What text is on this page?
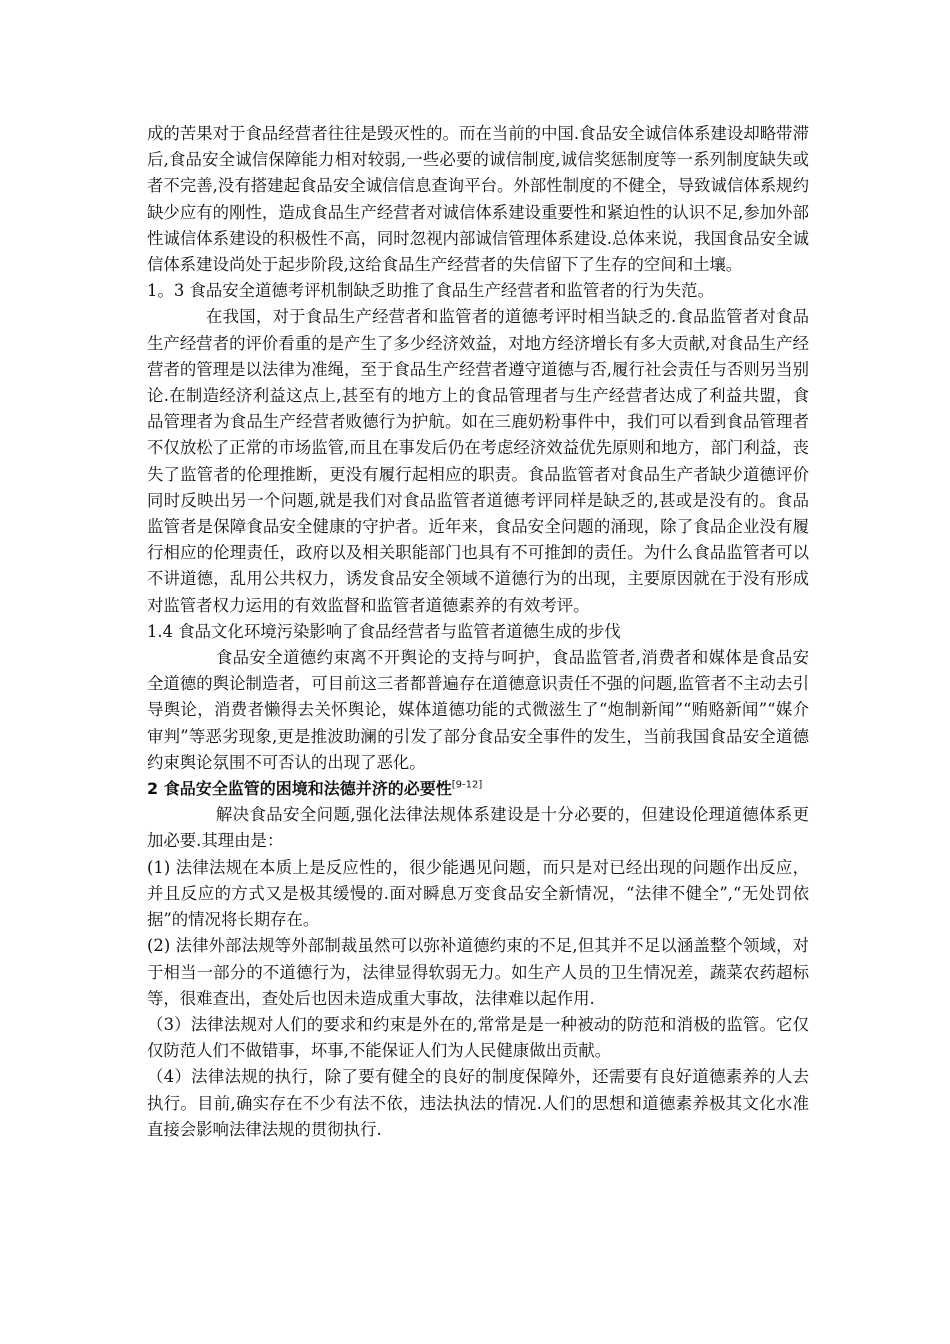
成的苦果对于食品经营者往往是毁灭性的。而在当前的中国.食品安全诚信体系建设却略带滞后,食品安全诚信保障能力相对较弱,一些必要的诚信制度,诚信奖惩制度等一系列制度缺失或者不完善,没有搭建起食品安全诚信信息查询平台。外部性制度的不健全，导致诚信体系规约缺少应有的刚性，造成食品生产经营者对诚信体系建设重要性和紧迫性的认识不足,参加外部性诚信体系建设的积极性不高，同时忽视内部诚信管理体系建设.总体来说，我国食品安全诚信体系建设尚处于起步阶段,这给食品生产经营者的失信留下了生存的空间和土壤。

1。3 食品安全道德考评机制缺乏助推了食品生产经营者和监管者的行为失范。

在我国，对于食品生产经营者和监管者的道德考评时相当缺乏的.食品监管者对食品生产经营者的评价看重的是产生了多少经济效益，对地方经济增长有多大贡献,对食品生产经营者的管理是以法律为准绳，至于食品生产经营者遵守道德与否,履行社会责任与否则另当别论.在制造经济利益这点上,甚至有的地方上的食品管理者与生产经营者达成了利益共盟，食品管理者为食品生产经营者败德行为护航。如在三鹿奶粉事件中，我们可以看到食品管理者不仅放松了正常的市场监管,而且在事发后仍在考虑经济效益优先原则和地方，部门利益，丧失了监管者的伦理推断，更没有履行起相应的职责。食品监管者对食品生产者缺少道德评价同时反映出另一个问题,就是我们对食品监管者道德考评同样是缺乏的,甚或是没有的。食品监管者是保障食品安全健康的守护者。近年来，食品安全问题的涌现，除了食品企业没有履行相应的伦理责任，政府以及相关职能部门也具有不可推卸的责任。为什么食品监管者可以不讲道德，乱用公共权力，诱发食品安全领域不道德行为的出现，主要原因就在于没有形成对监管者权力运用的有效监督和监管者道德素养的有效考评。

1.4 食品文化环境污染影响了食品经营者与监管者道德生成的步伐

食品安全道德约束离不开舆论的支持与呵护，食品监管者,消费者和媒体是食品安全道德的舆论制造者，可目前这三者都普遍存在道德意识责任不强的问题,监管者不主动去引导舆论，消费者懒得去关怀舆论，媒体道德功能的式微滋生了“炮制新闻”“贿赂新闻”“媒介审判”等恶劣现象,更是推波助澜的引发了部分食品安全事件的发生，当前我国食品安全道德约束舆论氛围不可否认的出现了恶化。

2 食品安全监管的困境和法德并济的必要性[9-12]

解决食品安全问题,强化法律法规体系建设是十分必要的，但建设伦理道德体系更加必要.其理由是：

(1) 法律法规在本质上是反应性的，很少能遇见问题，而只是对已经出现的问题作出反应，并且反应的方式又是极其缓慢的.面对瞬息万变食品安全新情况，“法律不健全”,“无处罚依据”的情况将长期存在。

(2) 法律外部法规等外部制裁虽然可以弥补道德约束的不足,但其并不足以涵盖整个领域，对于相当一部分的不道德行为，法律显得软弱无力。如生产人员的卫生情况差，蔬菜农药超标等，很难查出，查处后也因未造成重大事故，法律难以起作用.

（3）法律法规对人们的要求和约束是外在的,常常是是一种被动的防范和消极的监管。它仅仅防范人们不做错事，坏事,不能保证人们为人民健康做出贡献。

（4）法律法规的执行，除了要有健全的良好的制度保障外，还需要有良好道德素养的人去执行。目前,确实存在不少有法不依，违法执法的情况.人们的思想和道德素养极其文化水准直接会影响法律法规的贯彻执行.
